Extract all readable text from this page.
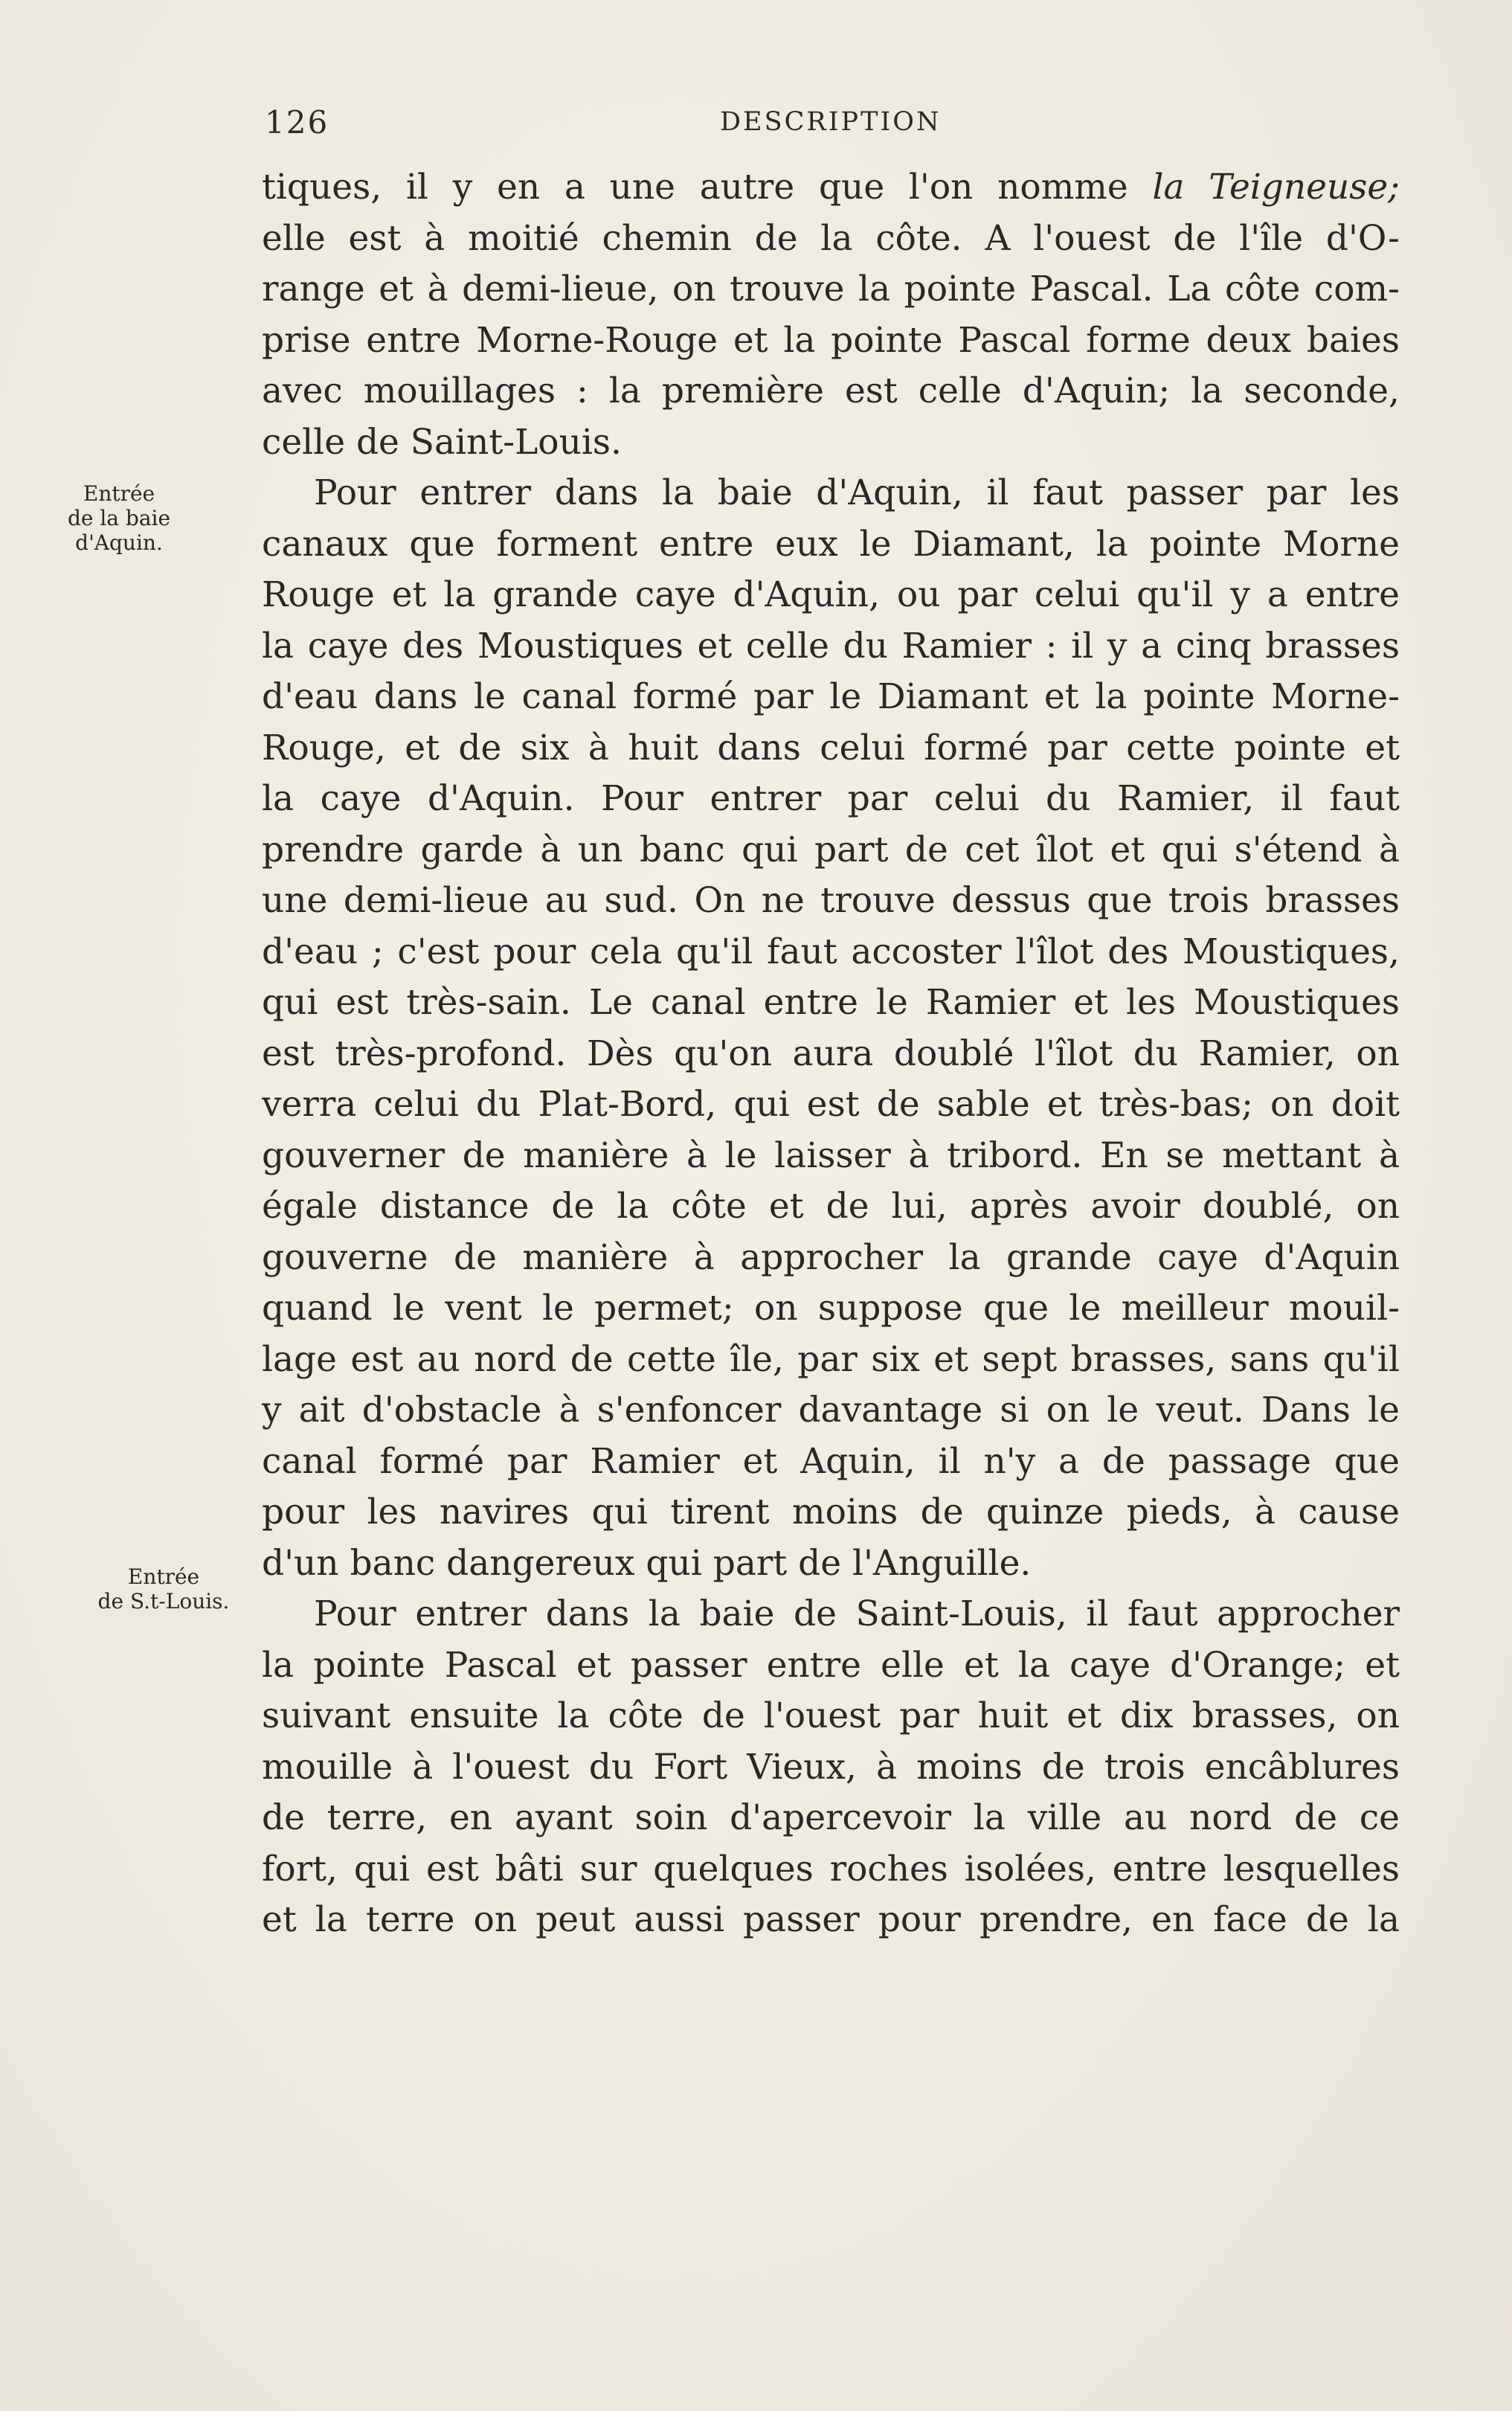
126	DESCRIPTION
Entrée
de la baie
d'Aquin.
Entrée
de S.t-Louis.
tiques, il y en a une autre que l'on nomme la Teigneuse;
elle est à moitié chemin de la côte. A l'ouest de l'île d'O-
range et à demi-lieue, on trouve la pointe Pascal. La côte com-
prise entre Morne-Rouge et la pointe Pascal forme deux baies
avec mouillages : la première est celle d'Aquin; la seconde,
celle de Saint-Louis.
Pour entrer dans la baie d'Aquin, il faut passer par les
canaux que forment entre eux le Diamant, la pointe Morne
Rouge et la grande caye d'Aquin, ou par celui qu'il y a entre
la caye des Moustiques et celle du Ramier : il y a cinq brasses
d'eau dans le canal formé par le Diamant et la pointe Morne-
Rouge, et de six à huit dans celui formé par cette pointe et
la caye d'Aquin. Pour entrer par celui du Ramier, il faut
prendre garde à un banc qui part de cet îlot et qui s'étend à
une demi-lieue au sud. On ne trouve dessus que trois brasses
d'eau ; c'est pour cela qu'il faut accoster l'îlot des Moustiques,
qui est très-sain. Le canal entre le Ramier et les Moustiques
est très-profond. Dès qu'on aura doublé l'îlot du Ramier, on
verra celui du Plat-Bord, qui est de sable et très-bas; on doit
gouverner de manière à le laisser à tribord. En se mettant à
égale distance de la côte et de lui, après avoir doublé, on
gouverne de manière à approcher la grande caye d'Aquin
quand le vent le permet; on suppose que le meilleur mouil-
lage est au nord de cette île, par six et sept brasses, sans qu'il
y ait d'obstacle à s'enfoncer davantage si on le veut. Dans le
canal formé par Ramier et Aquin, il n'y a de passage que
pour les navires qui tirent moins de quinze pieds, à cause
d'un banc dangereux qui part de l'Anguille.
Pour entrer dans la baie de Saint-Louis, il faut approcher
la pointe Pascal et passer entre elle et la caye d'Orange; et
suivant ensuite la côte de l'ouest par huit et dix brasses, on
mouille à l'ouest du Fort Vieux, à moins de trois encâblures
de terre, en ayant soin d'apercevoir la ville au nord de ce
fort, qui est bâti sur quelques roches isolées, entre lesquelles
et la terre on peut aussi passer pour prendre, en face de la
